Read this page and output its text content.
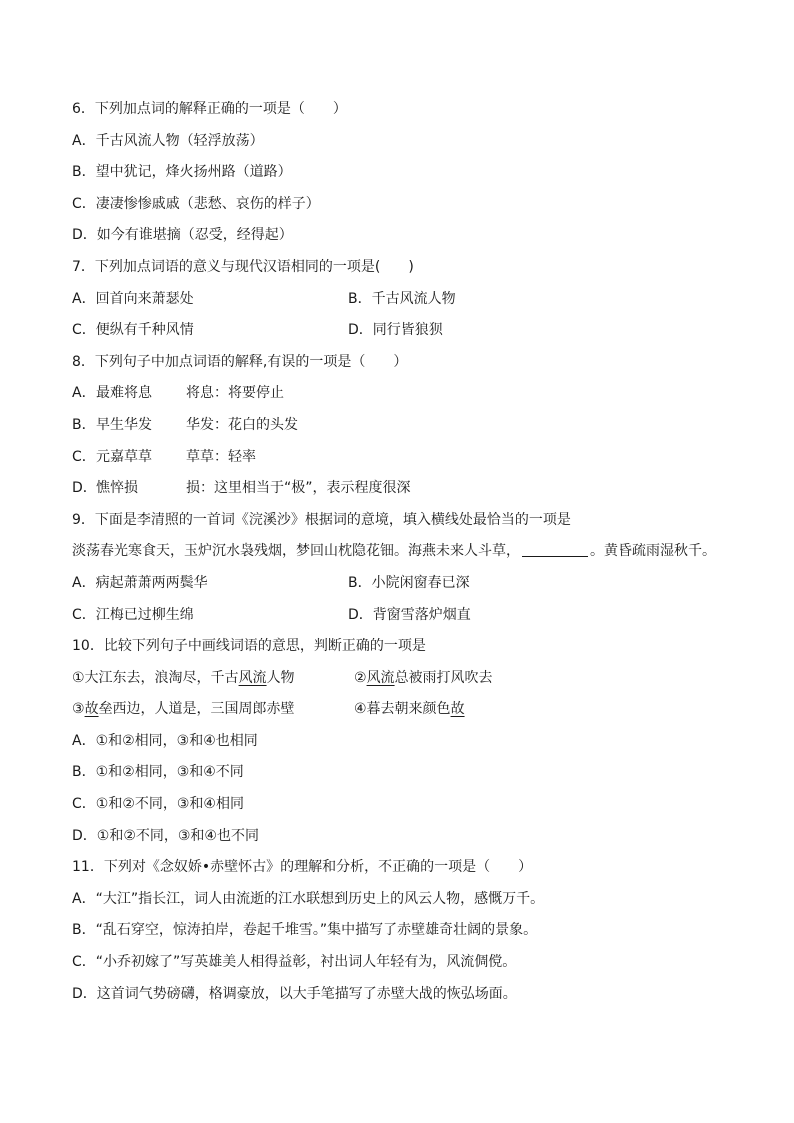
6．下列加点词的解释正确的一项是（　　）
A．千古风流人物（轻浮放荡）
B．望中犹记，烽火扬州路（道路）
C．凄凄惨惨戚戚（悲愁、哀伤的样子）
D．如今有谁堪摘（忍受，经得起）
7．下列加点词语的意义与现代汉语相同的一项是(　　)
A．回首向来萧瑟处	B．千古风流人物
C．便纵有千种风情	D．同行皆狼狈
8．下列句子中加点词语的解释,有误的一项是（　　）
A．最难将息 将息：将要停止
B．早生华发 华发：花白的头发
C．元嘉草草 草草：轻率
D．憔悴损	损：这里相当于“极”，表示程度很深
9．下面是李清照的一首词《浣溪沙》根据词的意境，填入横线处最恰当的一项是
淡荡春光寒食天，玉炉沉水袅残烟，梦回山枕隐花钿。海燕未来人斗草，	。黄昏疏雨湿秋千。
A．病起萧萧两两鬓华	B．小院闲窗春已深
C．江梅已过柳生绵	D．背窗雪落炉烟直
10．比较下列句子中画线词语的意思，判断正确的一项是
①大江东去，浪淘尽，千古风流人物	②风流总被雨打风吹去
③故垒西边，人道是，三国周郎赤壁	④暮去朝来颜色故
A．①和②相同，③和④也相同
B．①和②相同，③和④不同
C．①和②不同，③和④相同
D．①和②不同，③和④也不同
11．下列对《念奴娇•赤壁怀古》的理解和分析，不正确的一项是（　　）
A．“大江”指长江，词人由流逝的江水联想到历史上的风云人物，感慨万千。
B．“乱石穿空，惊涛拍岸，卷起千堆雪。”集中描写了赤壁雄奇壮阔的景象。
C．“小乔初嫁了”写英雄美人相得益彰，衬出词人年轻有为，风流倜傥。
D．这首词气势磅礴，格调豪放，以大手笔描写了赤壁大战的恢弘场面。
